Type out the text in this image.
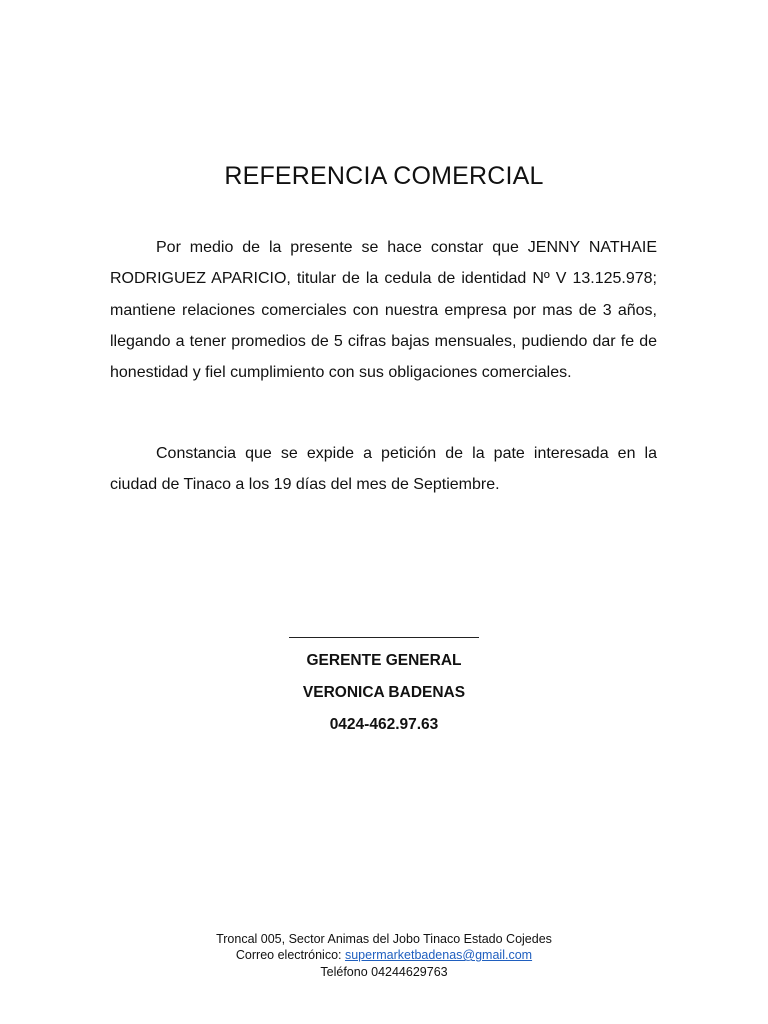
REFERENCIA COMERCIAL

Por medio de la presente se hace constar que JENNY NATHAIE RODRIGUEZ APARICIO, titular de la cedula de identidad Nº V 13.125.978; mantiene relaciones comerciales con nuestra empresa por mas de 3 años, llegando a tener promedios de 5 cifras bajas mensuales, pudiendo dar fe de honestidad y fiel cumplimiento con sus obligaciones comerciales.

Constancia que se expide a petición de la pate interesada en la ciudad de Tinaco a los 19 días del mes de Septiembre.

GERENTE GENERAL

VERONICA BADENAS

0424-462.97.63

Troncal 005, Sector Animas del Jobo Tinaco Estado Cojedes

Correo electrónico: supermarketbadenas@gmail.com

Teléfono 04244629763
